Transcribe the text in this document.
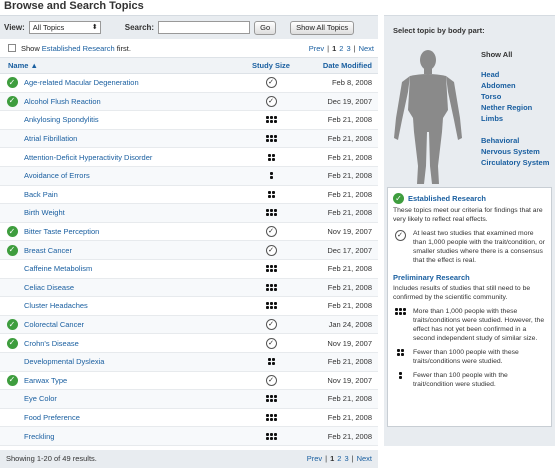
Browse and Search Topics
View: All Topics	⬍	Search:	Go	Show All Topics
Show Established Research first.	Prev | 1 2 3 | Next
Name ▲	Study Size	Date Modified
✓ Age-related Macular Degeneration	✓	Feb 8, 2008
✓ Alcohol Flush Reaction	✓	Dec 19, 2007
Ankylosing Spondylitis	Feb 21, 2008
Atrial Fibrillation	Feb 21, 2008
Attention-Deficit Hyperactivity Disorder	Feb 21, 2008
Avoidance of Errors	Feb 21, 2008
Back Pain	Feb 21, 2008
Birth Weight	Feb 21, 2008
✓ Bitter Taste Perception	✓	Nov 19, 2007
✓ Breast Cancer	✓	Dec 17, 2007
Caffeine Metabolism	Feb 21, 2008
Celiac Disease	Feb 21, 2008
Cluster Headaches	Feb 21, 2008
✓ Colorectal Cancer	✓	Jan 24, 2008
✓ Crohn's Disease	✓	Nov 19, 2007
Developmental Dyslexia	Feb 21, 2008
✓ Earwax Type	✓	Nov 19, 2007
Eye Color	Feb 21, 2008
Food Preference	Feb 21, 2008
Freckling	Feb 21, 2008
Showing 1-20 of 49 results.	Prev | 1 2 3 | Next
Select topic by body part:
Show All
Head
Abdomen
Torso
Nether Region
Limbs
Behavioral
Nervous System
Circulatory System
✓ Established Research
These topics meet our criteria for findings that are very likely to reflect real effects.
✓	At least two studies that examined more than 1,000 people with the trait/condition, or smaller studies where there is a consensus that the effect is real.
Preliminary Research
Includes results of studies that still need to be confirmed by the scientific community.
More than 1,000 people with these traits/conditions were studied. However, the effect has not yet been confirmed in a second independent study of similar size.
Fewer than 1000 people with these traits/conditions were studied.
Fewer than 100 people with the trait/condition were studied.
